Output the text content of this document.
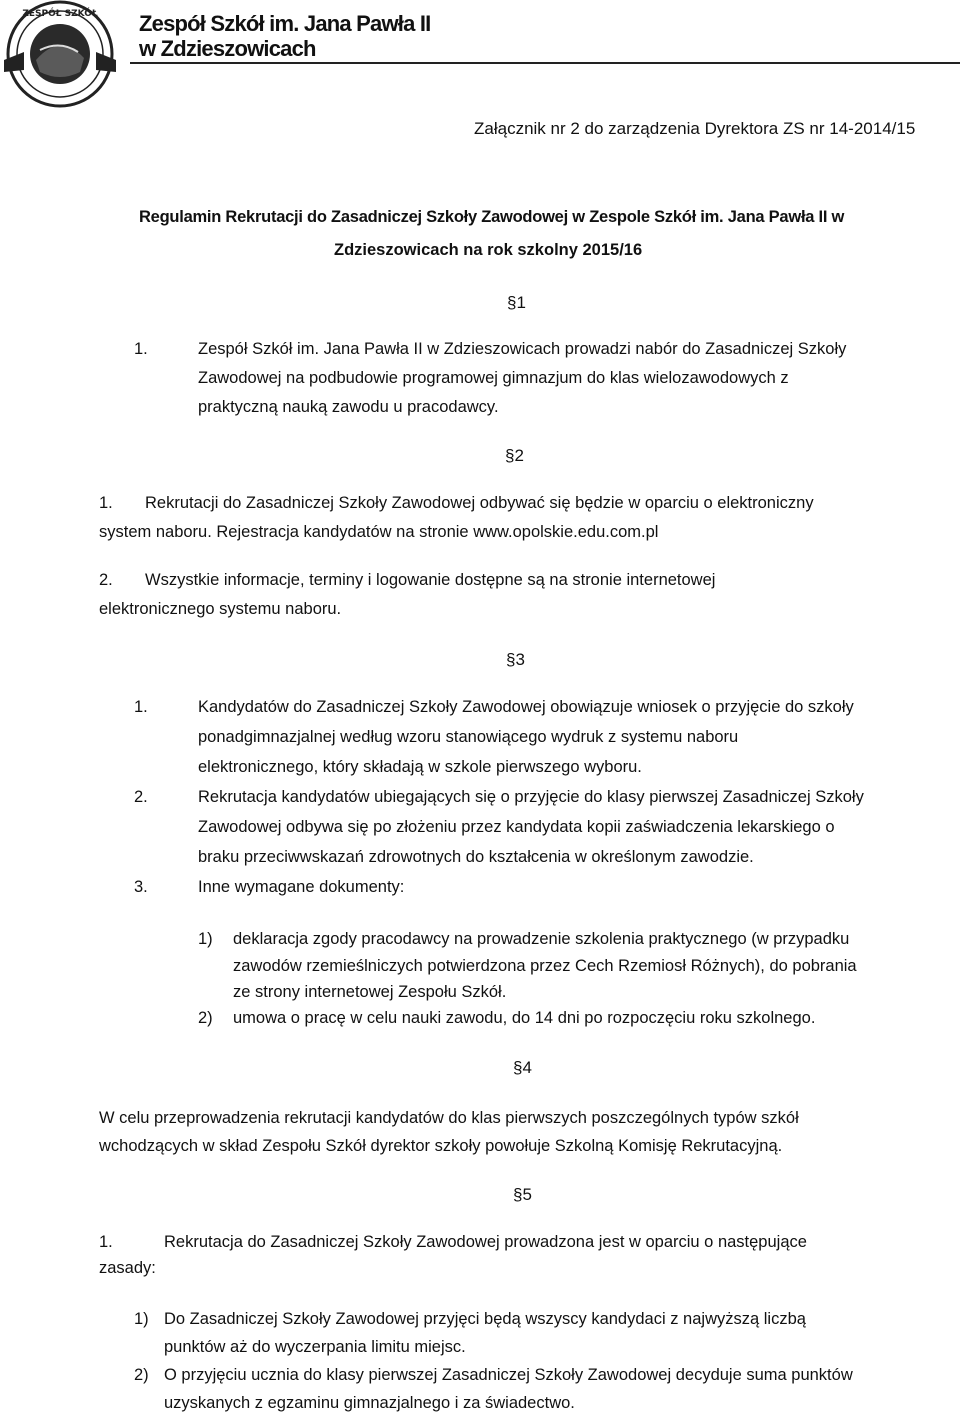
ZESPÓŁ SZKÓŁ Zespół Szkół im. Jana Pawła II
w Zdzieszowicach
Załącznik nr 2 do zarządzenia Dyrektora ZS nr 14-2014/15
Regulamin Rekrutacji do Zasadniczej Szkoły Zawodowej w Zespole Szkół im. Jana Pawła II w
Zdzieszowicach na rok szkolny 2015/16
§1
1.	Zespół Szkół im. Jana Pawła II w Zdzieszowicach prowadzi nabór do Zasadniczej Szkoły
Zawodowej na podbudowie programowej gimnazjum do klas wielozawodowych z
praktyczną nauką zawodu u pracodawcy.
§2
1. Rekrutacji do Zasadniczej Szkoły Zawodowej odbywać się będzie w oparciu o elektroniczny
system naboru. Rejestracja kandydatów na stronie www.opolskie.edu.com.pl
2. Wszystkie informacje, terminy i logowanie dostępne są na stronie internetowej
elektronicznego systemu naboru.
§3
1.	Kandydatów do Zasadniczej Szkoły Zawodowej obowiązuje wniosek o przyjęcie do szkoły
ponadgimnazjalnej według wzoru stanowiącego wydruk z systemu naboru
elektronicznego, który składają w szkole pierwszego wyboru.
2.	Rekrutacja kandydatów ubiegających się o przyjęcie do klasy pierwszej Zasadniczej Szkoły
Zawodowej odbywa się po złożeniu przez kandydata kopii zaświadczenia lekarskiego o
braku przeciwwskazań zdrowotnych do kształcenia w określonym zawodzie.
3.	Inne wymagane dokumenty:
1) deklaracja zgody pracodawcy na prowadzenie szkolenia praktycznego (w przypadku
zawodów rzemieślniczych potwierdzona przez Cech Rzemiosł Różnych), do pobrania
ze strony internetowej Zespołu Szkół.
2) umowa o pracę w celu nauki zawodu, do 14 dni po rozpoczęciu roku szkolnego.
§4
W celu przeprowadzenia rekrutacji kandydatów do klas pierwszych poszczególnych typów szkół
wchodzących w skład Zespołu Szkół dyrektor szkoły powołuje Szkolną Komisję Rekrutacyjną.
§5
1.	Rekrutacja do Zasadniczej Szkoły Zawodowej prowadzona jest w oparciu o następujące
zasady:
1) Do Zasadniczej Szkoły Zawodowej przyjęci będą wszyscy kandydaci z najwyższą liczbą
punktów aż do wyczerpania limitu miejsc.
2) O przyjęciu ucznia do klasy pierwszej Zasadniczej Szkoły Zawodowej decyduje suma punktów
uzyskanych z egzaminu gimnazjalnego i za świadectwo.
